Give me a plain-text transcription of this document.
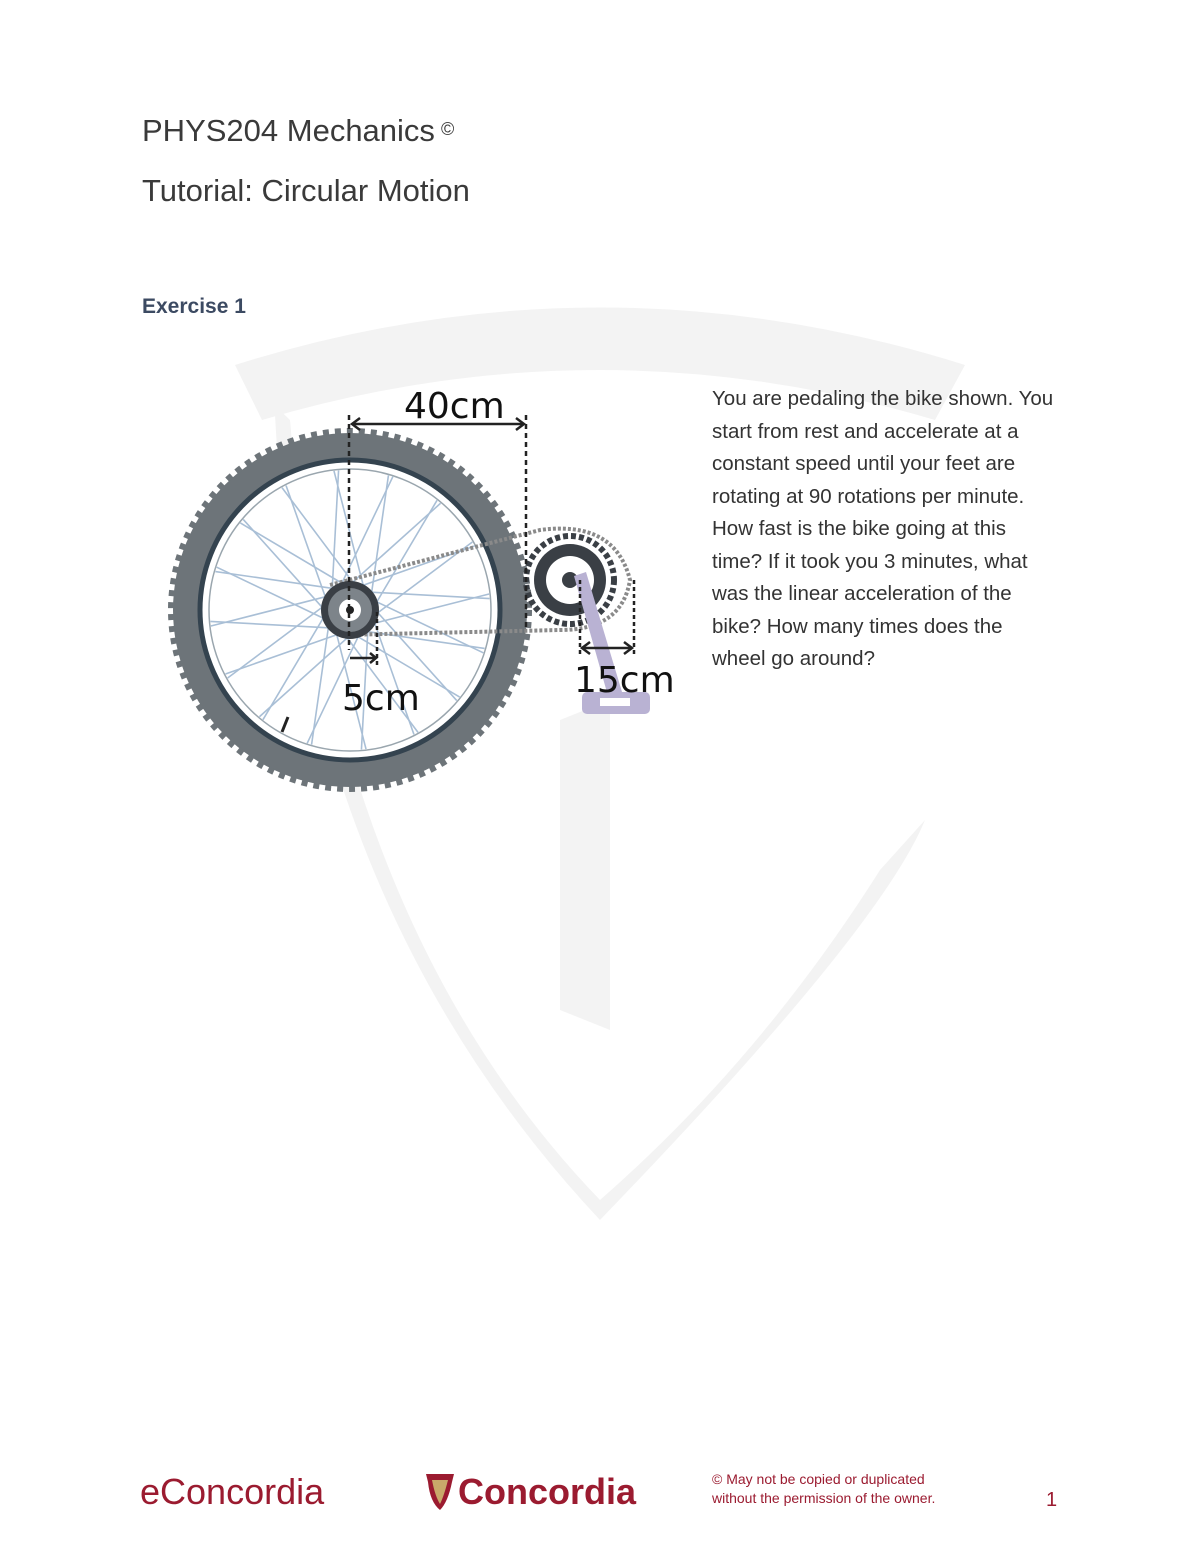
PHYS204 Mechanics ©
Tutorial: Circular Motion
Exercise 1
40cm
5cm	15cm
You are pedaling the bike shown. You start from rest and accelerate at a constant speed until your feet are rotating at 90 rotations per minute. How fast is the bike going at this time? If it took you 3 minutes, what was the linear acceleration of the bike? How many times does the wheel go around?
eConcordia	Concordia	© May not be copied or duplicated
without the permission of the owner.	1
